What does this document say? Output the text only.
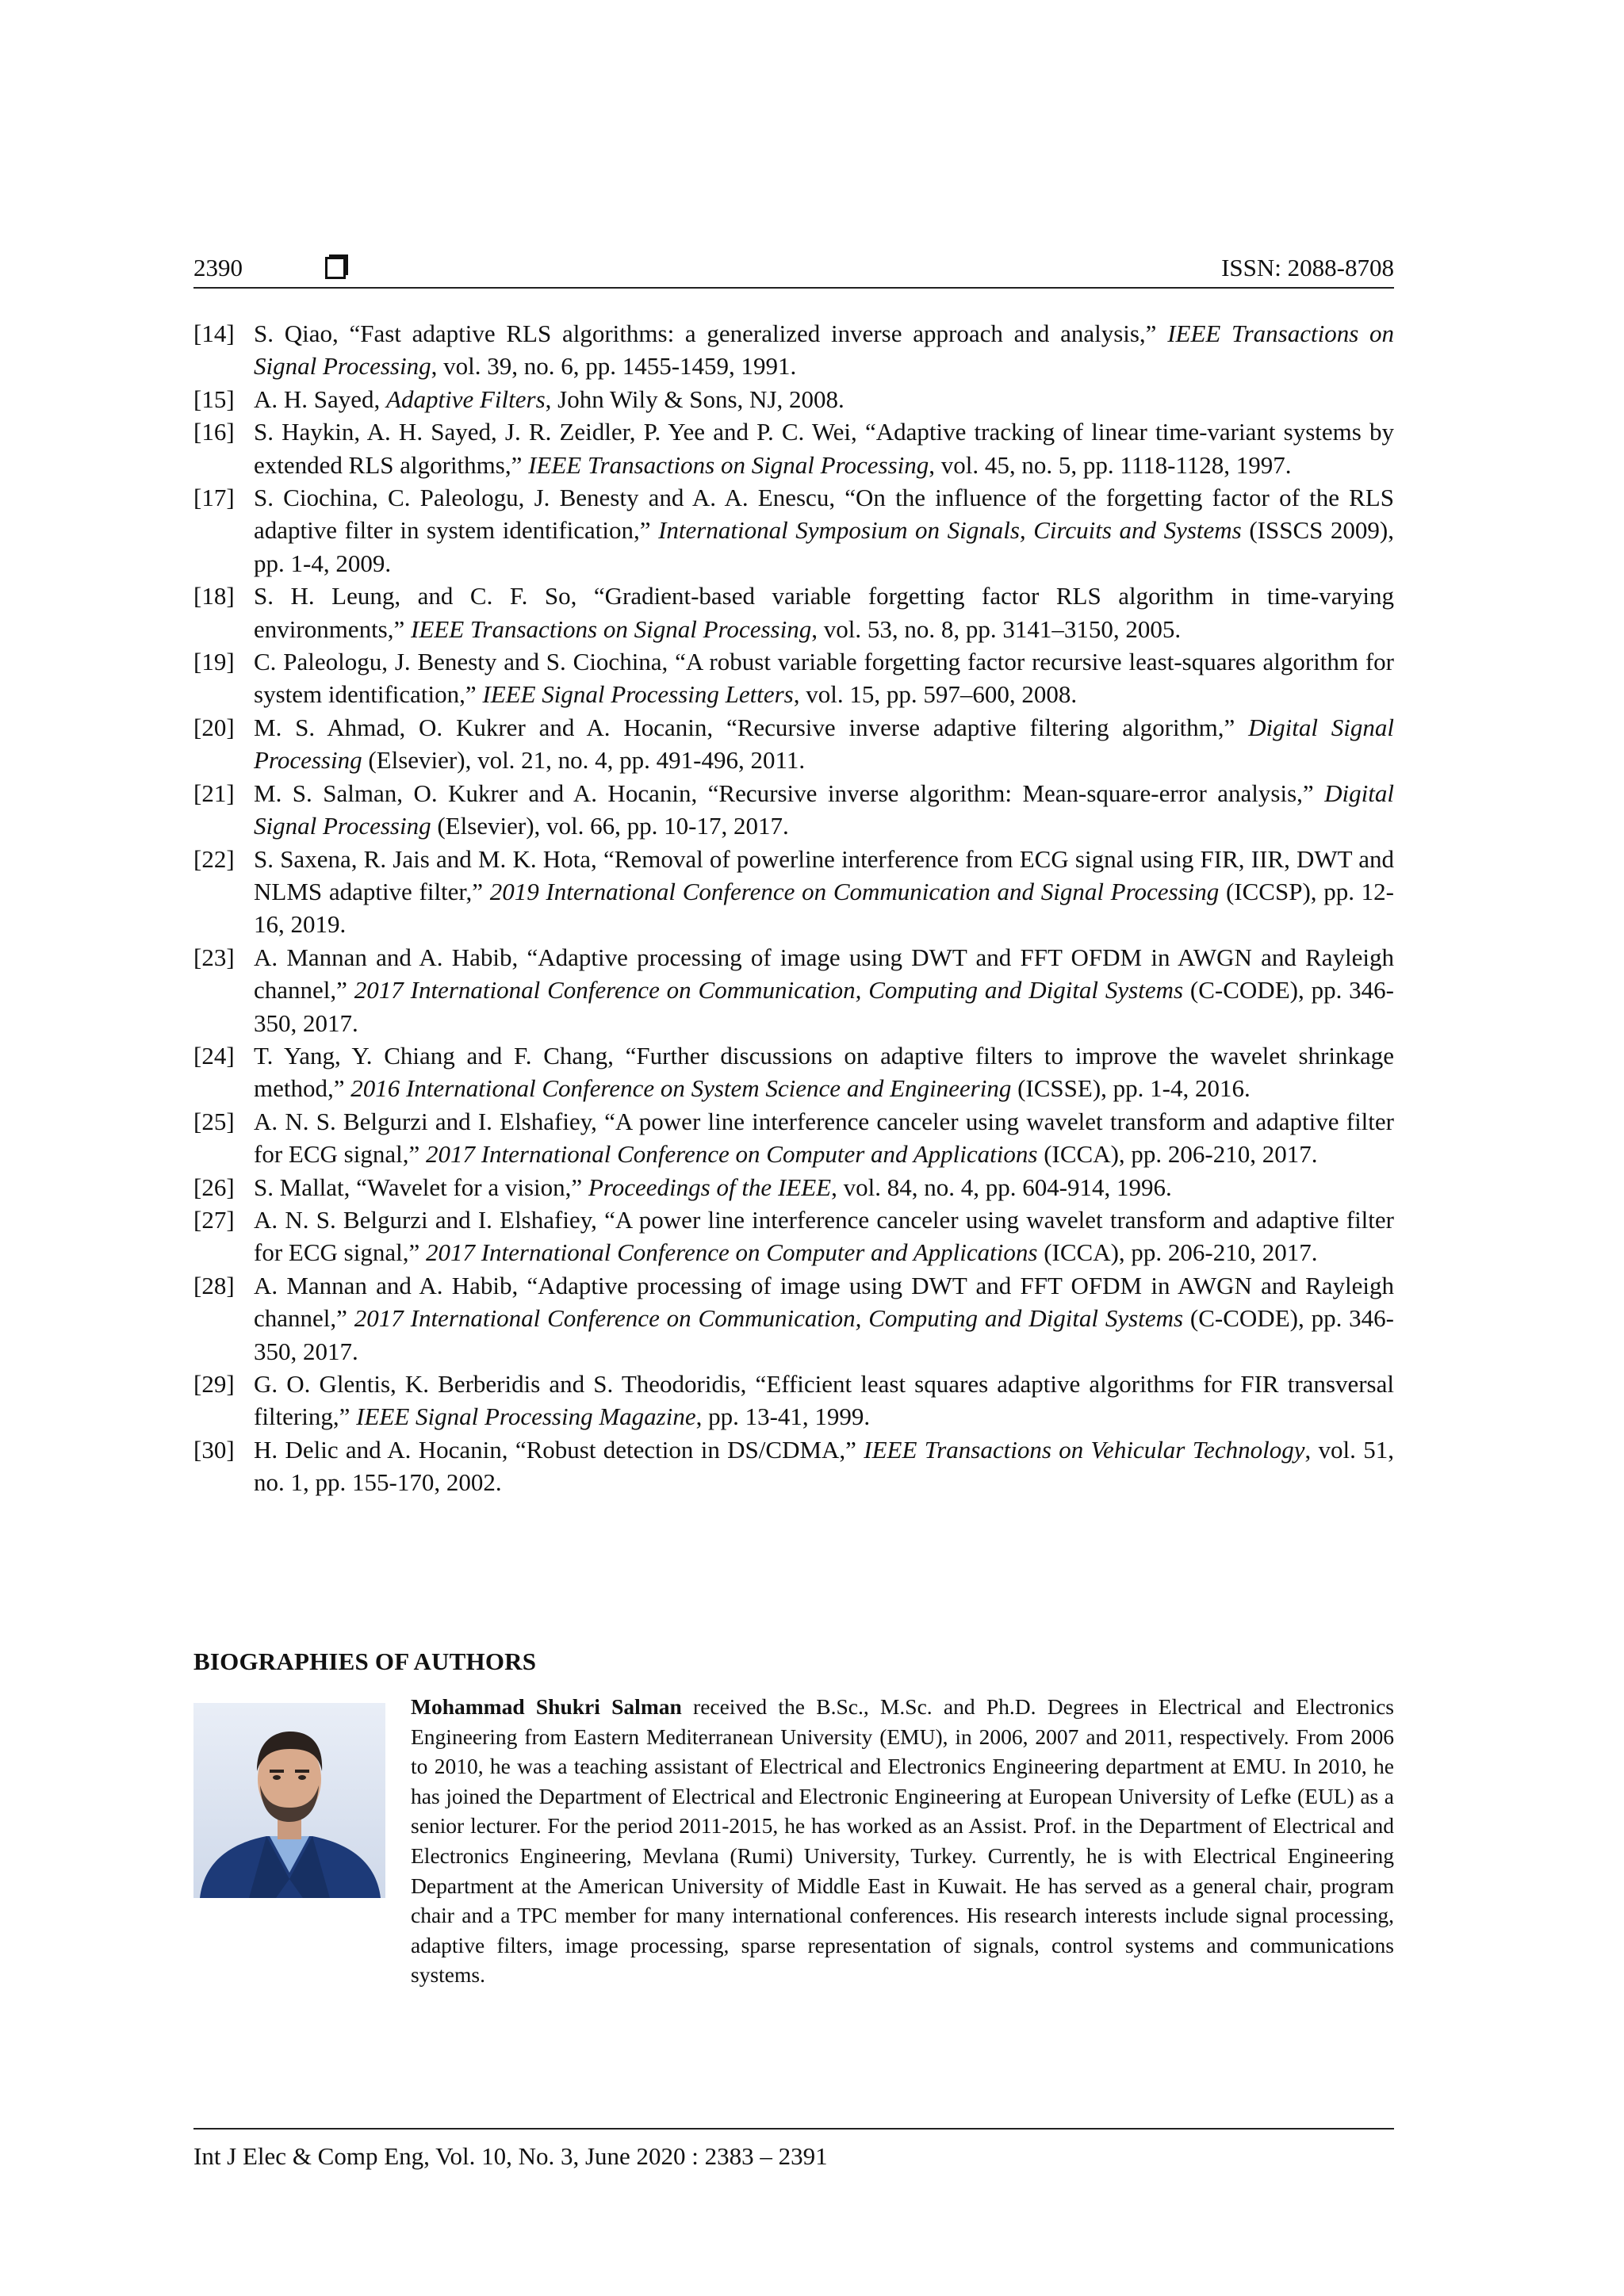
2390	ISSN: 2088-8708
[14] S. Qiao, “Fast adaptive RLS algorithms: a generalized inverse approach and analysis,” IEEE Transactions on Signal Processing, vol. 39, no. 6, pp. 1455-1459, 1991.
[15] A. H. Sayed, Adaptive Filters, John Wily & Sons, NJ, 2008.
[16] S. Haykin, A. H. Sayed, J. R. Zeidler, P. Yee and P. C. Wei, “Adaptive tracking of linear time-variant systems by extended RLS algorithms,” IEEE Transactions on Signal Processing, vol. 45, no. 5, pp. 1118-1128, 1997.
[17] S. Ciochina, C. Paleologu, J. Benesty and A. A. Enescu, “On the influence of the forgetting factor of the RLS adaptive filter in system identification,” International Symposium on Signals, Circuits and Systems (ISSCS 2009), pp. 1-4, 2009.
[18] S. H. Leung, and C. F. So, “Gradient-based variable forgetting factor RLS algorithm in time-varying environments,” IEEE Transactions on Signal Processing, vol. 53, no. 8, pp. 3141–3150, 2005.
[19] C. Paleologu, J. Benesty and S. Ciochina, “A robust variable forgetting factor recursive least-squares algorithm for system identification,” IEEE Signal Processing Letters, vol. 15, pp. 597–600, 2008.
[20] M. S. Ahmad, O. Kukrer and A. Hocanin, “Recursive inverse adaptive filtering algorithm,” Digital Signal Processing (Elsevier), vol. 21, no. 4, pp. 491-496, 2011.
[21] M. S. Salman, O. Kukrer and A. Hocanin, “Recursive inverse algorithm: Mean-square-error analysis,” Digital Signal Processing (Elsevier), vol. 66, pp. 10-17, 2017.
[22] S. Saxena, R. Jais and M. K. Hota, “Removal of powerline interference from ECG signal using FIR, IIR, DWT and NLMS adaptive filter,” 2019 International Conference on Communication and Signal Processing (ICCSP), pp. 12-16, 2019.
[23] A. Mannan and A. Habib, “Adaptive processing of image using DWT and FFT OFDM in AWGN and Rayleigh channel,” 2017 International Conference on Communication, Computing and Digital Systems (C-CODE), pp. 346-350, 2017.
[24] T. Yang, Y. Chiang and F. Chang, “Further discussions on adaptive filters to improve the wavelet shrinkage method,” 2016 International Conference on System Science and Engineering (ICSSE), pp. 1-4, 2016.
[25] A. N. S. Belgurzi and I. Elshafiey, “A power line interference canceler using wavelet transform and adaptive filter for ECG signal,” 2017 International Conference on Computer and Applications (ICCA), pp. 206-210, 2017.
[26] S. Mallat, “Wavelet for a vision,” Proceedings of the IEEE, vol. 84, no. 4, pp. 604-914, 1996.
[27] A. N. S. Belgurzi and I. Elshafiey, “A power line interference canceler using wavelet transform and adaptive filter for ECG signal,” 2017 International Conference on Computer and Applications (ICCA), pp. 206-210, 2017.
[28] A. Mannan and A. Habib, “Adaptive processing of image using DWT and FFT OFDM in AWGN and Rayleigh channel,” 2017 International Conference on Communication, Computing and Digital Systems (C-CODE), pp. 346-350, 2017.
[29] G. O. Glentis, K. Berberidis and S. Theodoridis, “Efficient least squares adaptive algorithms for FIR transversal filtering,” IEEE Signal Processing Magazine, pp. 13-41, 1999.
[30] H. Delic and A. Hocanin, “Robust detection in DS/CDMA,” IEEE Transactions on Vehicular Technology, vol. 51, no. 1, pp. 155-170, 2002.
BIOGRAPHIES OF AUTHORS
Mohammad Shukri Salman received the B.Sc., M.Sc. and Ph.D. Degrees in Electrical and Electronics Engineering from Eastern Mediterranean University (EMU), in 2006, 2007 and 2011, respectively. From 2006 to 2010, he was a teaching assistant of Electrical and Electronics Engineering department at EMU. In 2010, he has joined the Department of Electrical and Electronic Engineering at European University of Lefke (EUL) as a senior lecturer. For the period 2011-2015, he has worked as an Assist. Prof. in the Department of Electrical and Electronics Engineering, Mevlana (Rumi) University, Turkey. Currently, he is with Electrical Engineering Department at the American University of Middle East in Kuwait. He has served as a general chair, program chair and a TPC member for many international conferences. His research interests include signal processing, adaptive filters, image processing, sparse representation of signals, control systems and communications systems.
Int J Elec & Comp Eng, Vol. 10, No. 3, June 2020 : 2383 – 2391
